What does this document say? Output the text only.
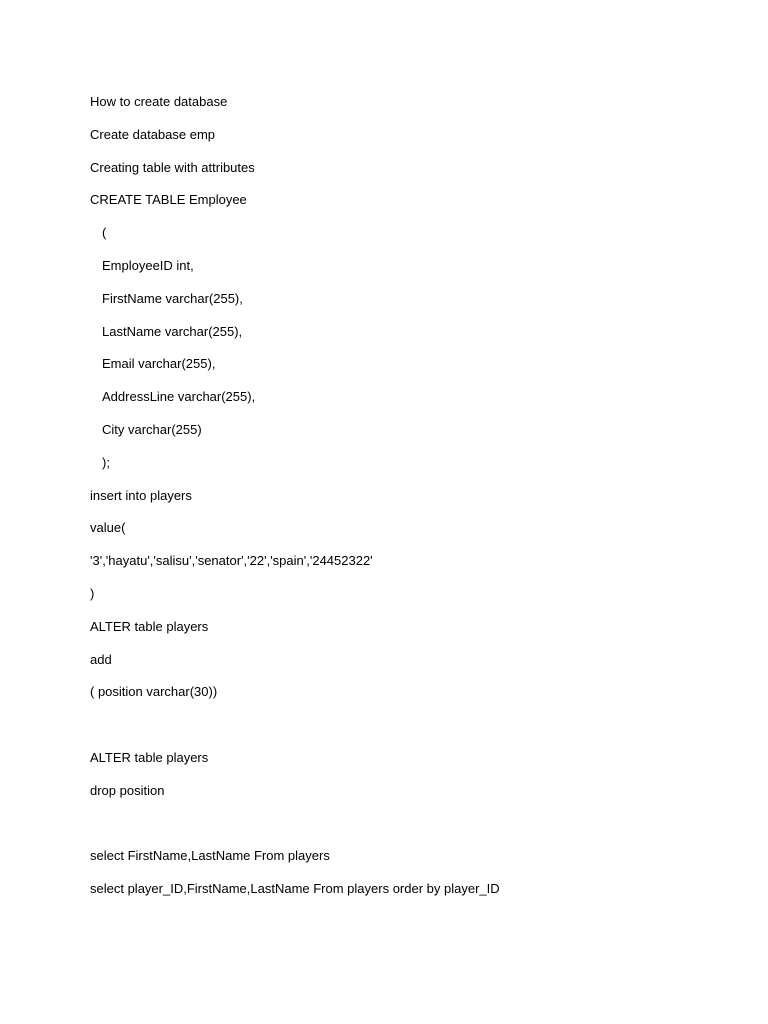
How to create database
Create database emp
Creating table with attributes
CREATE TABLE Employee
(
EmployeeID int,
FirstName varchar(255),
LastName varchar(255),
Email varchar(255),
AddressLine varchar(255),
City varchar(255)
);
insert into players
value(
'3','hayatu','salisu','senator','22','spain','24452322'
)
ALTER table players
add
( position varchar(30))
ALTER table players
drop position
select FirstName,LastName From players
select player_ID,FirstName,LastName From players order by player_ID
